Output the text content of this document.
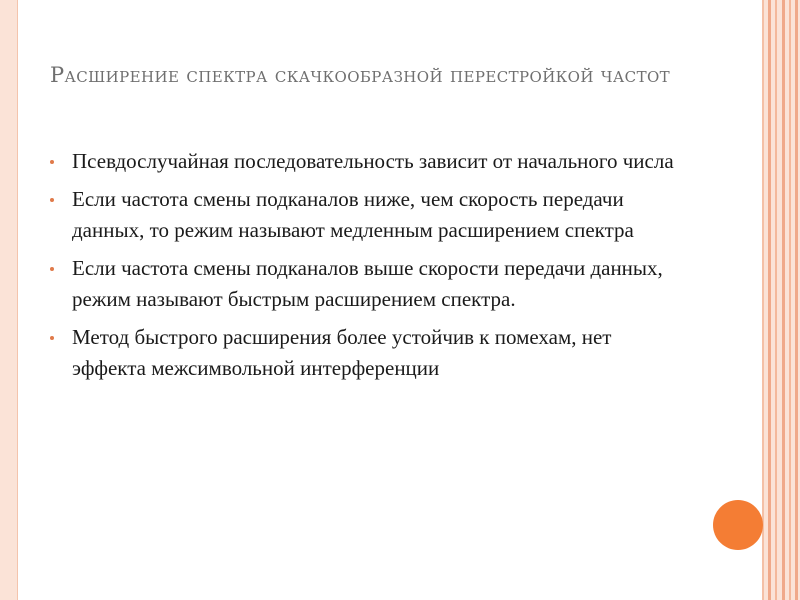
Расширение спектра скачкообразной перестройкой частот
Псевдослучайная последовательность зависит от начального числа
Если частота смены подканалов ниже, чем скорость передачи данных, то режим называют медленным расширением спектра
Если частота смены подканалов выше скорости передачи данных, режим называют быстрым расширением спектра.
Метод быстрого расширения более устойчив к помехам, нет эффекта межсимвольной интерференции
